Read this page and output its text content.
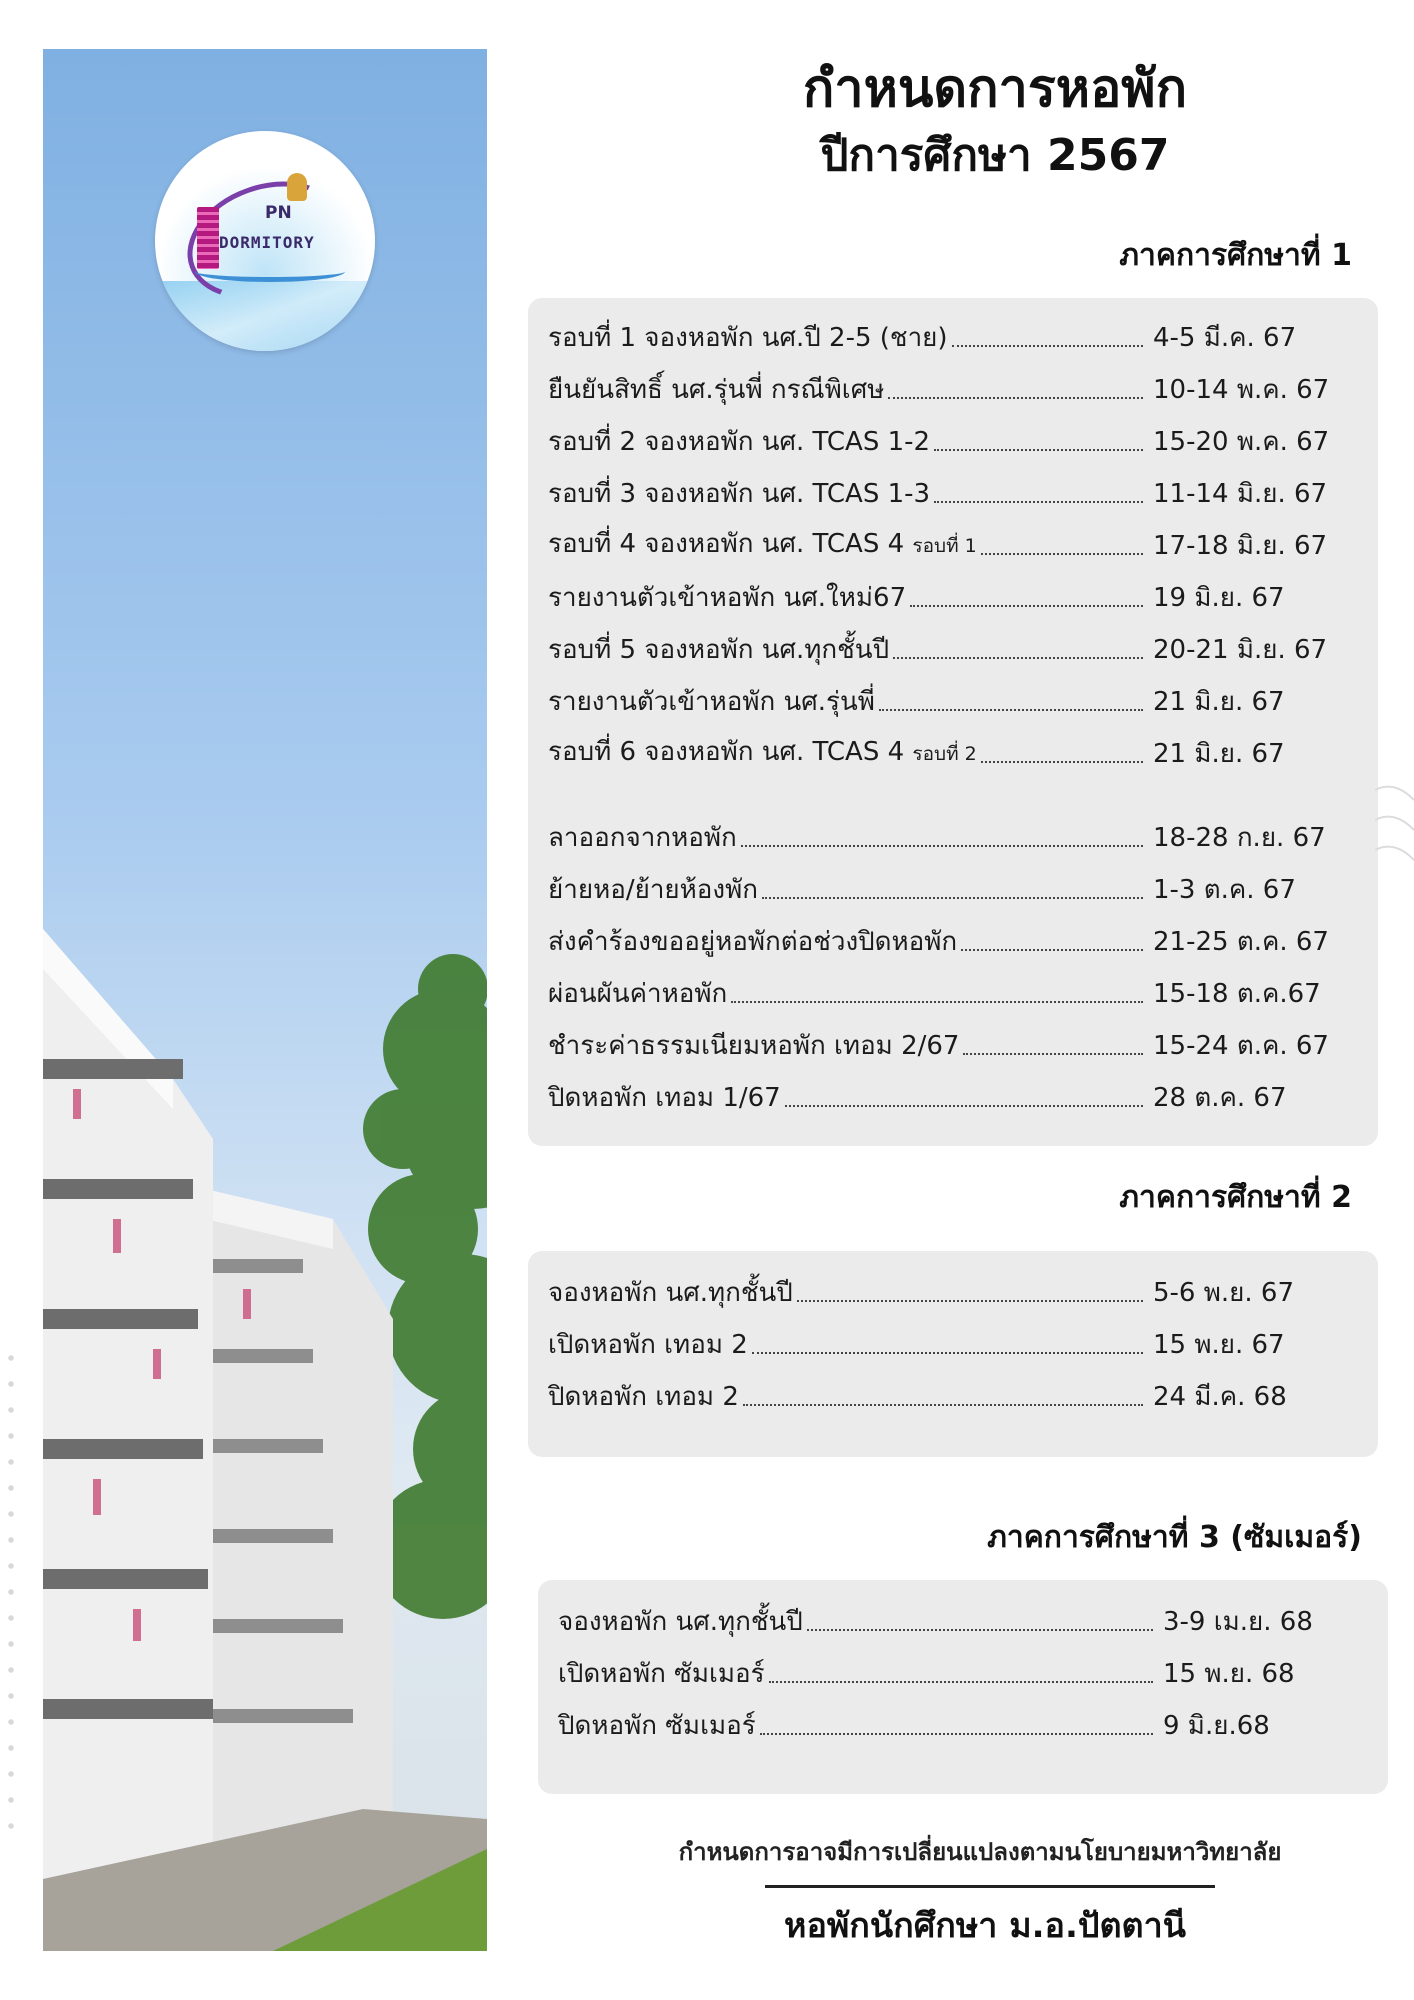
PN
DORMITORY
กำหนดการหอพัก
ปีการศึกษา 2567
ภาคการศึกษาที่ 1
รอบที่ 1 จองหอพัก นศ.ปี 2-5 (ชาย)	4-5 มี.ค. 67
ยืนยันสิทธิ์ นศ.รุ่นพี่ กรณีพิเศษ	10-14 พ.ค. 67
รอบที่ 2 จองหอพัก นศ. TCAS 1-2	15-20 พ.ค. 67
รอบที่ 3 จองหอพัก นศ. TCAS 1-3	11-14 มิ.ย. 67
รอบที่ 4 จองหอพัก นศ. TCAS 4 รอบที่ 1	17-18 มิ.ย. 67
รายงานตัวเข้าหอพัก นศ.ใหม่67	19 มิ.ย. 67
รอบที่ 5 จองหอพัก นศ.ทุกชั้นปี	20-21 มิ.ย. 67
รายงานตัวเข้าหอพัก นศ.รุ่นพี่	21 มิ.ย. 67
รอบที่ 6 จองหอพัก นศ. TCAS 4 รอบที่ 2	21 มิ.ย. 67
ลาออกจากหอพัก	18-28 ก.ย. 67
ย้ายหอ/ย้ายห้องพัก	1-3 ต.ค. 67
ส่งคำร้องขออยู่หอพักต่อช่วงปิดหอพัก	21-25 ต.ค. 67
ผ่อนผันค่าหอพัก	15-18 ต.ค.67
ชำระค่าธรรมเนียมหอพัก เทอม 2/67	15-24 ต.ค. 67
ปิดหอพัก เทอม 1/67	28 ต.ค. 67
ภาคการศึกษาที่ 2
จองหอพัก นศ.ทุกชั้นปี	5-6 พ.ย. 67
เปิดหอพัก เทอม 2	15 พ.ย. 67
ปิดหอพัก เทอม 2	24 มี.ค. 68
ภาคการศึกษาที่ 3 (ซัมเมอร์)
จองหอพัก นศ.ทุกชั้นปี	3-9 เม.ย. 68
เปิดหอพัก ซัมเมอร์	15 พ.ย. 68
ปิดหอพัก ซัมเมอร์	9 มิ.ย.68
กำหนดการอาจมีการเปลี่ยนแปลงตามนโยบายมหาวิทยาลัย
หอพักนักศึกษา ม.อ.ปัตตานี
